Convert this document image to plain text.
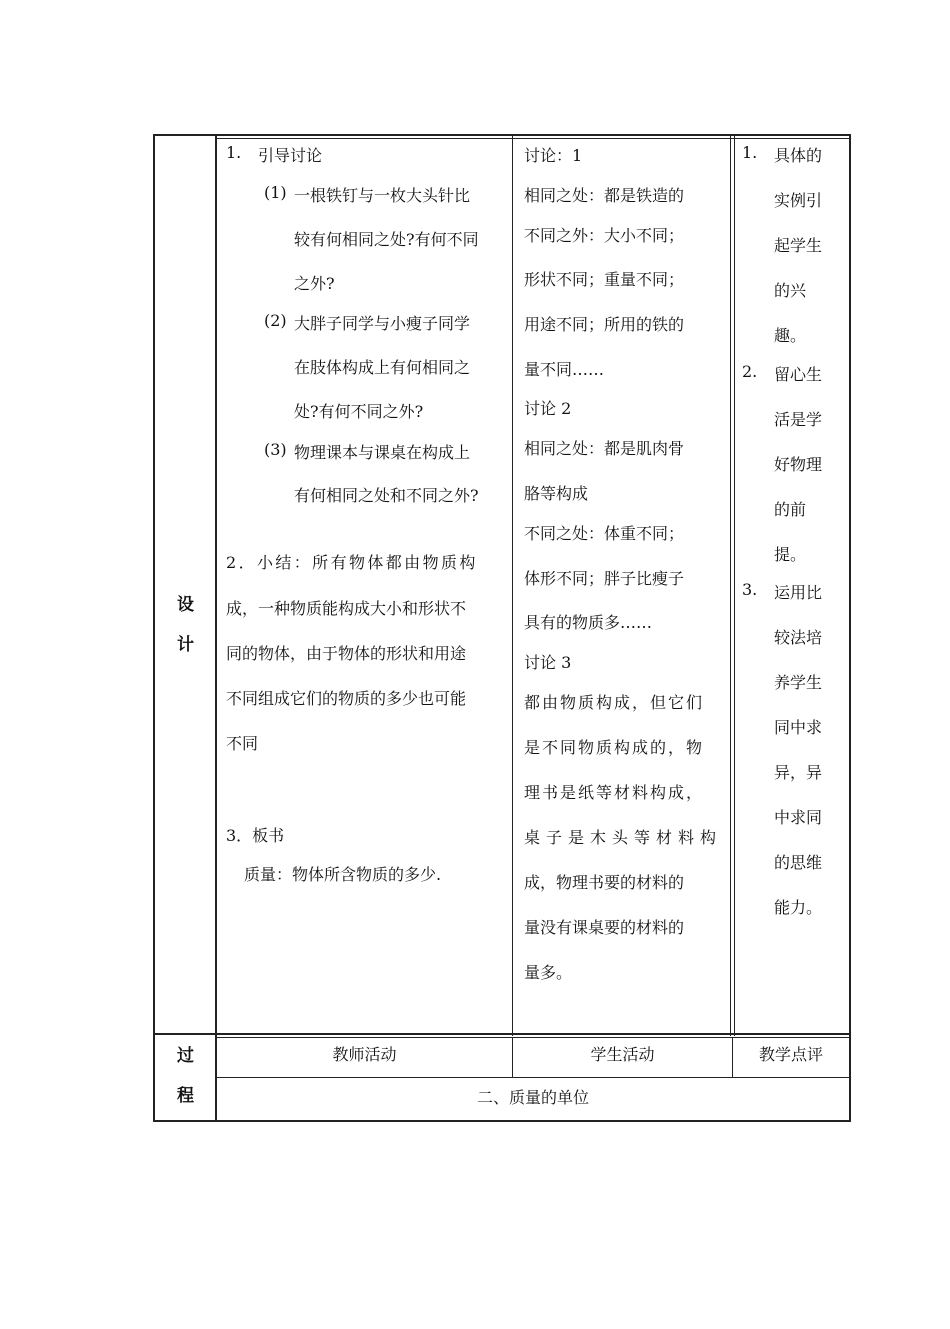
设
计
过
程
1. 引导讨论
(1) 一根铁钉与一枚大头针比
较有何相同之处?有何不同
之外?
(2) 大胖子同学与小瘦子同学
在肢体构成上有何相同之
处?有何不同之外?
(3) 物理课本与课桌在构成上
有何相同之处和不同之外?
2．小结：所有物体都由物质构
成，一种物质能构成大小和形状不
同的物体，由于物体的形状和用途
不同组成它们的物质的多少也可能
不同
3．板书
质量：物体所含物质的多少.
讨论：1
相同之处：都是铁造的
不同之外：大小不同；
形状不同；重量不同；
用途不同；所用的铁的
量不同……
讨论 2
相同之处：都是肌肉骨
胳等构成
不同之处：体重不同；
体形不同；胖子比瘦子
具有的物质多……
讨论 3
都由物质构成，但它们
是不同物质构成的，物
理书是纸等材料构成，
桌子是木头等材料构
成，物理书要的材料的
量没有课桌要的材料的
量多。
1. 具体的
实例引
起学生
的兴
趣。
2. 留心生
活是学
好物理
的前
提。
3. 运用比
较法培
养学生
同中求
异，异
中求同
的思维
能力。
教师活动	学生活动	教学点评
二、质量的单位
